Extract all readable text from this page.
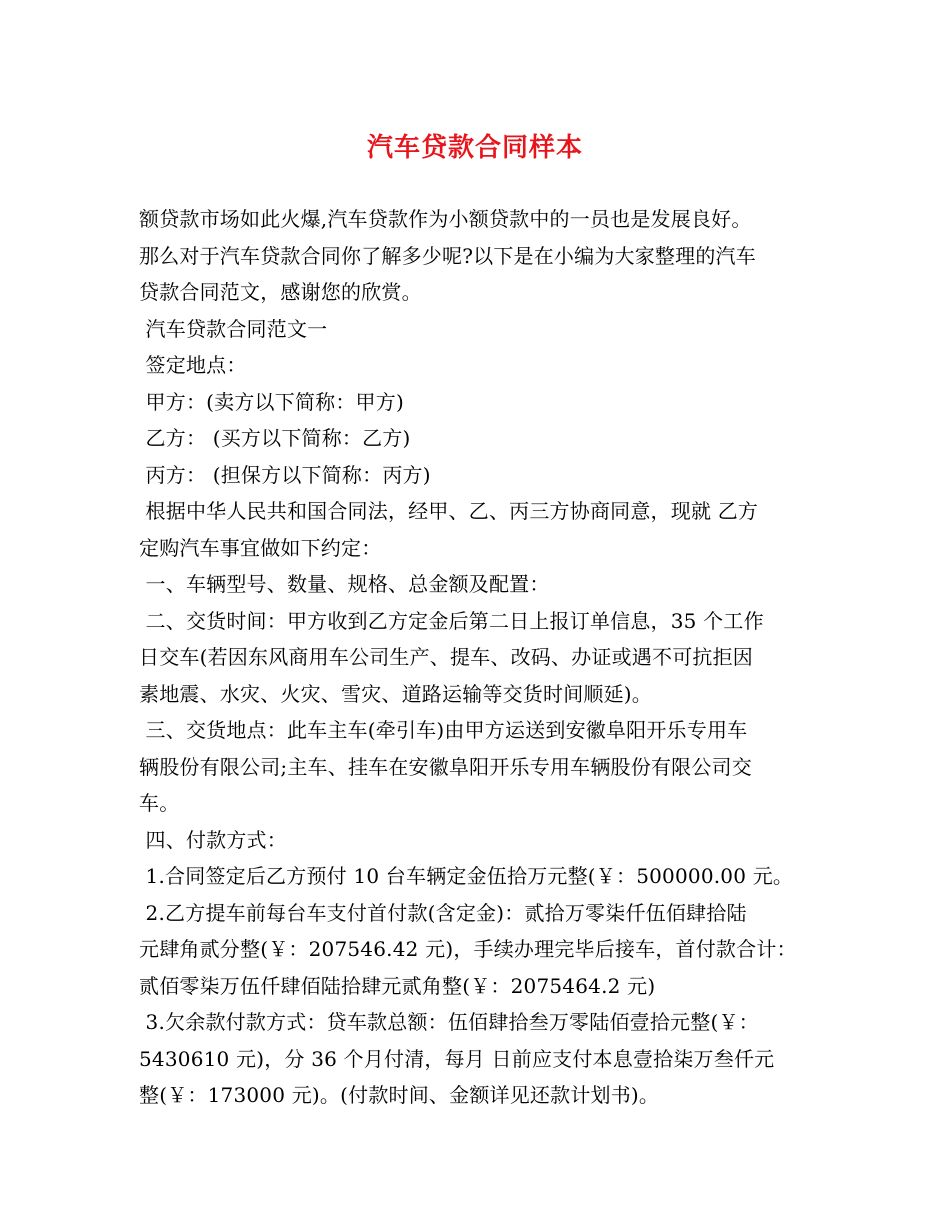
汽车贷款合同样本
额贷款市场如此火爆,汽车贷款作为小额贷款中的一员也是发展良好。
那么对于汽车贷款合同你了解多少呢?以下是在小编为大家整理的汽车
贷款合同范文，感谢您的欣赏。
汽车贷款合同范文一
签定地点：
甲方：(卖方以下简称：甲方)
乙方： (买方以下简称：乙方)
丙方： (担保方以下简称：丙方)
根据中华人民共和国合同法，经甲、乙、丙三方协商同意，现就 乙方
定购汽车事宜做如下约定：
一、车辆型号、数量、规格、总金额及配置：
二、交货时间：甲方收到乙方定金后第二日上报订单信息，35 个工作
日交车(若因东风商用车公司生产、提车、改码、办证或遇不可抗拒因
素地震、水灾、火灾、雪灾、道路运输等交货时间顺延)。
三、交货地点：此车主车(牵引车)由甲方运送到安徽阜阳开乐专用车
辆股份有限公司;主车、挂车在安徽阜阳开乐专用车辆股份有限公司交
车。
四、付款方式：
1.合同签定后乙方预付 10 台车辆定金伍拾万元整(￥：500000.00 元。
2.乙方提车前每台车支付首付款(含定金)：贰拾万零柒仟伍佰肆拾陆
元肆角贰分整(￥：207546.42 元)，手续办理完毕后接车，首付款合计：
贰佰零柒万伍仟肆佰陆拾肆元贰角整(￥：2075464.2 元)
3.欠余款付款方式：贷车款总额：伍佰肆拾叁万零陆佰壹拾元整(￥：
5430610 元)，分 36 个月付清，每月 日前应支付本息壹拾柒万叁仟元
整(￥：173000 元)。(付款时间、金额详见还款计划书)。
